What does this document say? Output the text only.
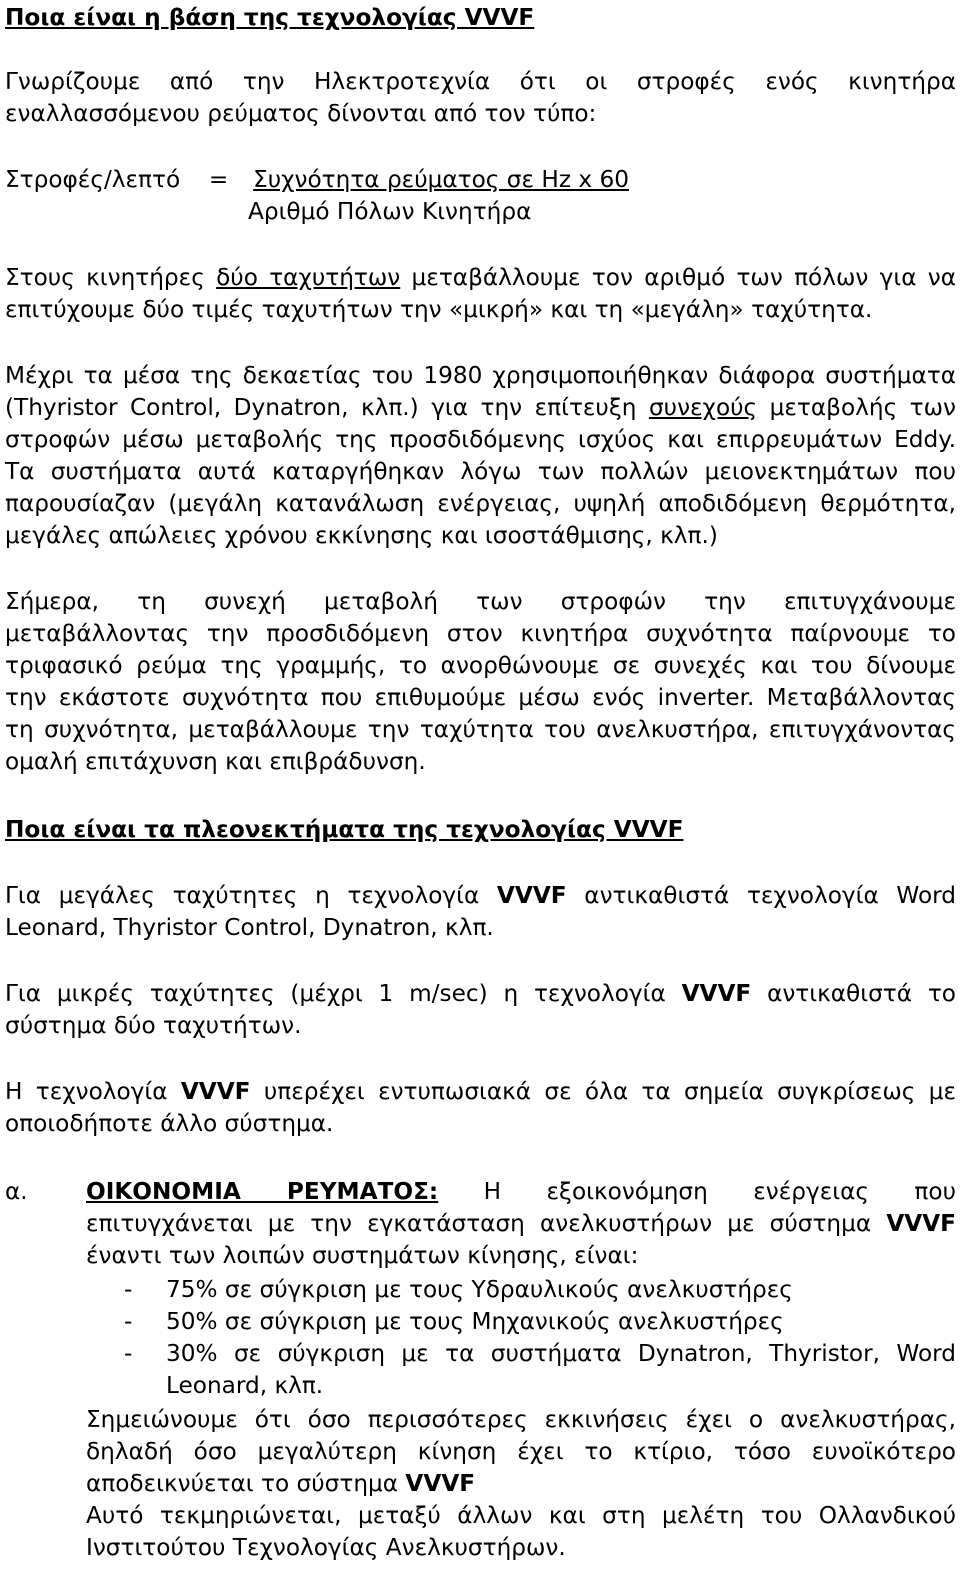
Ποια είναι η βάση της τεχνολογίας VVVF
Γνωρίζουμε από την Ηλεκτροτεχνία ότι οι στροφές ενός κινητήρα
εναλλασσόμενου ρεύματος δίνονται από τον τύπο:
Στροφές/λεπτό = Συχνότητα ρεύματος σε Hz x 60
Αριθμό Πόλων Κινητήρα
Στους κινητήρες δύο ταχυτήτων μεταβάλλουμε τον αριθμό των πόλων για να
επιτύχουμε δύο τιμές ταχυτήτων την «μικρή» και τη «μεγάλη» ταχύτητα.
Μέχρι τα μέσα της δεκαετίας του 1980 χρησιμοποιήθηκαν διάφορα συστήματα
(Thyristor Control, Dynatron, κλπ.) για την επίτευξη συνεχούς μεταβολής των
στροφών μέσω μεταβολής της προσδιδόμενης ισχύος και επιρρευμάτων Eddy.
Τα συστήματα αυτά καταργήθηκαν λόγω των πολλών μειονεκτημάτων που
παρουσίαζαν (μεγάλη κατανάλωση ενέργειας, υψηλή αποδιδόμενη θερμότητα,
μεγάλες απώλειες χρόνου εκκίνησης και ισοστάθμισης, κλπ.)
Σήμερα, τη συνεχή μεταβολή των στροφών την επιτυγχάνουμε
μεταβάλλοντας την προσδιδόμενη στον κινητήρα συχνότητα παίρνουμε το
τριφασικό ρεύμα της γραμμής, το ανορθώνουμε σε συνεχές και του δίνουμε
την εκάστοτε συχνότητα που επιθυμούμε μέσω ενός inverter. Μεταβάλλοντας
τη συχνότητα, μεταβάλλουμε την ταχύτητα του ανελκυστήρα, επιτυγχάνοντας
ομαλή επιτάχυνση και επιβράδυνση.
Ποια είναι τα πλεονεκτήματα της τεχνολογίας VVVF
Για μεγάλες ταχύτητες η τεχνολογία VVVF αντικαθιστά τεχνολογία Word
Leonard, Thyristor Control, Dynatron, κλπ.
Για μικρές ταχύτητες (μέχρι 1 m/sec) η τεχνολογία VVVF αντικαθιστά το
σύστημα δύο ταχυτήτων.
Η τεχνολογία VVVF υπερέχει εντυπωσιακά σε όλα τα σημεία συγκρίσεως με
οποιοδήποτε άλλο σύστημα.
α.	ΟΙΚΟΝΟΜΙΑ ΡΕΥΜΑΤΟΣ: Η εξοικονόμηση ενέργειας που
επιτυγχάνεται με την εγκατάσταση ανελκυστήρων με σύστημα VVVF
έναντι των λοιπών συστημάτων κίνησης, είναι:
- 75% σε σύγκριση με τους Υδραυλικούς ανελκυστήρες
- 50% σε σύγκριση με τους Μηχανικούς ανελκυστήρες
- 30% σε σύγκριση με τα συστήματα Dynatron, Thyristor, Word
Leonard, κλπ.
Σημειώνουμε ότι όσο περισσότερες εκκινήσεις έχει ο ανελκυστήρας,
δηλαδή όσο μεγαλύτερη κίνηση έχει το κτίριο, τόσο ευνοϊκότερο
αποδεικνύεται το σύστημα VVVF
Αυτό τεκμηριώνεται, μεταξύ άλλων και στη μελέτη του Ολλανδικού
Ινστιτούτου Τεχνολογίας Ανελκυστήρων.
